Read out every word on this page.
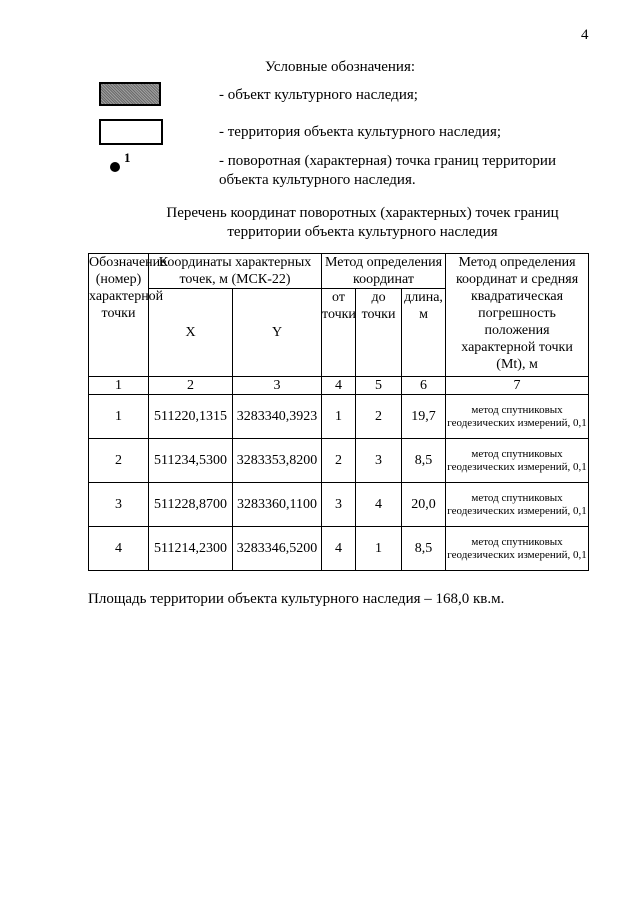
4
Условные обозначения:
- объект культурного наследия;
- территория объекта культурного наследия;
1	- поворотная (характерная) точка границ территории объекта культурного наследия.
Перечень координат поворотных (характерных) точек границ территории объекта культурного наследия
Обозначение (номер) характерной точки	Координаты характерных точек, м (МСК-22)		Метод определения координат			Метод определения координат и средняя квадратическая погрешность положения характерной точки (Mt), м
	X	Y	от точки	до точки	длина, м	
1	2	3	4	5	6	7
1	511220,1315	3283340,3923	1	2	19,7	метод спутниковых геодезических измерений, 0,1
2	511234,5300	3283353,8200	2	3	8,5	метод спутниковых геодезических измерений, 0,1
3	511228,8700	3283360,1100	3	4	20,0	метод спутниковых геодезических измерений, 0,1
4	511214,2300	3283346,5200	4	1	8,5	метод спутниковых геодезических измерений, 0,1
Площадь территории объекта культурного наследия – 168,0 кв.м.
